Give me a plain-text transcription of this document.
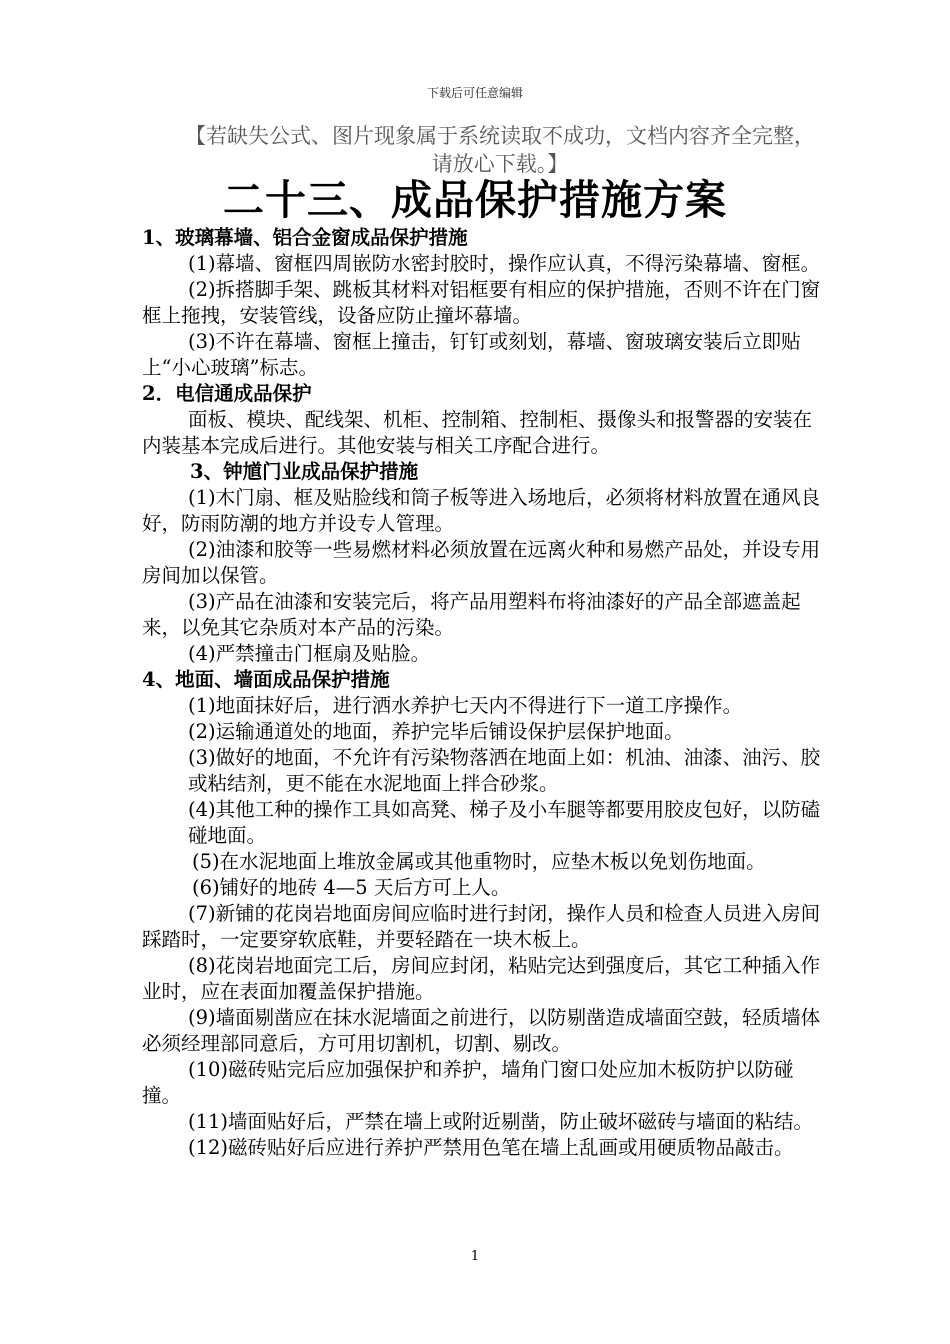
下载后可任意编辑
【若缺失公式、图片现象属于系统读取不成功，文档内容齐全完整，请放心下载。】
二十三、成品保护措施方案

1、玻璃幕墙、铝合金窗成品保护措施

(1)幕墙、窗框四周嵌防水密封胶时，操作应认真，不得污染幕墙、窗框。

(2)拆搭脚手架、跳板其材料对铝框要有相应的保护措施，否则不许在门窗框上拖拽，安装管线，设备应防止撞坏幕墙。

(3)不许在幕墙、窗框上撞击，钉钉或刻划，幕墙、窗玻璃安装后立即贴上“小心玻璃”标志。

2．电信通成品保护

面板、模块、配线架、机柜、控制箱、控制柜、摄像头和报警器的安装在内装基本完成后进行。其他安装与相关工序配合进行。

3、钟馗门业成品保护措施

(1)木门扇、框及贴脸线和筒子板等进入场地后，必须将材料放置在通风良好，防雨防潮的地方并设专人管理。

(2)油漆和胶等一些易燃材料必须放置在远离火种和易燃产品处，并设专用房间加以保管。

(3)产品在油漆和安装完后，将产品用塑料布将油漆好的产品全部遮盖起来，以免其它杂质对本产品的污染。

(4)严禁撞击门框扇及贴脸。

4、地面、墙面成品保护措施

(1)地面抹好后，进行洒水养护七天内不得进行下一道工序操作。

(2)运输通道处的地面，养护完毕后铺设保护层保护地面。

(3)做好的地面，不允许有污染物落洒在地面上如：机油、油漆、油污、胶或粘结剂，更不能在水泥地面上拌合砂浆。

(4)其他工种的操作工具如高凳、梯子及小车腿等都要用胶皮包好，以防磕碰地面。

(5)在水泥地面上堆放金属或其他重物时，应垫木板以免划伤地面。

(6)铺好的地砖 4—5 天后方可上人。

(7)新铺的花岗岩地面房间应临时进行封闭，操作人员和检查人员进入房间踩踏时，一定要穿软底鞋，并要轻踏在一块木板上。

(8)花岗岩地面完工后，房间应封闭，粘贴完达到强度后，其它工种插入作业时，应在表面加覆盖保护措施。

(9)墙面剔凿应在抹水泥墙面之前进行，以防剔凿造成墙面空鼓，轻质墙体必须经理部同意后，方可用切割机，切割、剔改。

(10)磁砖贴完后应加强保护和养护，墙角门窗口处应加木板防护以防碰撞。

(11)墙面贴好后，严禁在墙上或附近剔凿，防止破坏磁砖与墙面的粘结。

(12)磁砖贴好后应进行养护严禁用色笔在墙上乱画或用硬质物品敲击。

1
